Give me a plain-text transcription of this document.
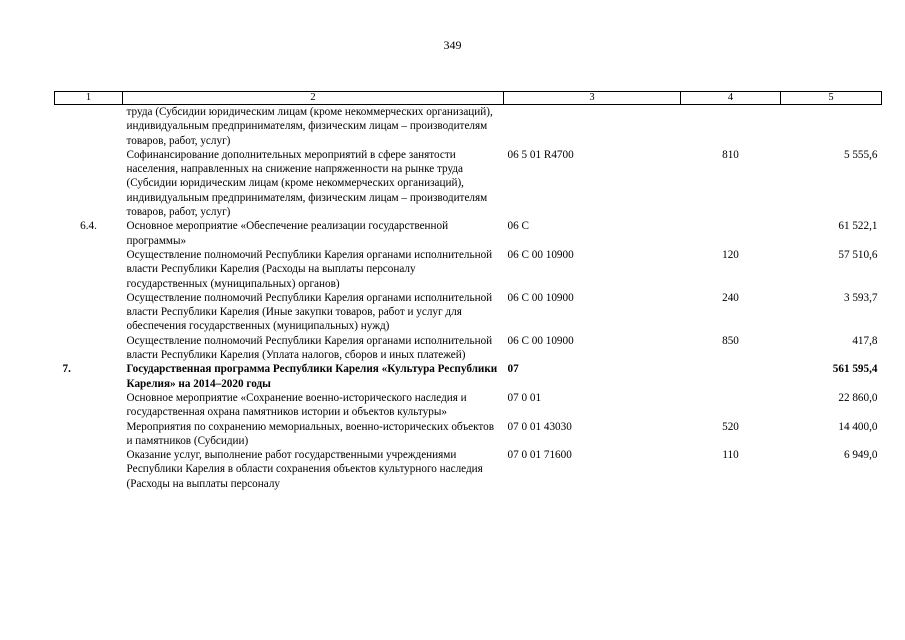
349
1	2	3	4	5
	труда (Субсидии юридическим лицам (кроме некоммерческих организаций), индивидуальным предпринимателям, физическим лицам – производителям товаров, работ, услуг)			
	Софинансирование дополнительных мероприятий в сфере занятости населения, направленных на снижение напряженности на рынке труда (Субсидии юридическим лицам (кроме некоммерческих организаций), индивидуальным предпринимателям, физическим лицам – производителям товаров, работ, услуг)	06 5 01 R4700	810	5 555,6
6.4.	Основное мероприятие «Обеспечение реализации государственной программы»	06 С		61 522,1
	Осуществление полномочий Республики Карелия органами исполнительной власти Республики Карелия (Расходы на выплаты персоналу государственных (муниципальных) органов)	06 С 00 10900	120	57 510,6
	Осуществление полномочий Республики Карелия органами исполнительной власти Республики Карелия (Иные закупки товаров, работ и услуг для обеспечения государственных (муниципальных) нужд)	06 С 00 10900	240	3 593,7
	Осуществление полномочий Республики Карелия органами исполнительной власти Республики Карелия (Уплата налогов, сборов и иных платежей)	06 С 00 10900	850	417,8
7.	Государственная программа Республики Карелия «Культура Республики Карелия» на 2014–2020 годы	07		561 595,4
	Основное мероприятие «Сохранение военно-исторического наследия и государственная охрана памятников истории и объектов культуры»	07 0 01		22 860,0
	Мероприятия по сохранению мемориальных, военно-исторических объектов и памятников (Субсидии)	07 0 01 43030	520	14 400,0
	Оказание услуг, выполнение работ государственными учреждениями Республики Карелия в области сохранения объектов культурного наследия (Расходы на выплаты персоналу	07 0 01 71600	110	6 949,0
